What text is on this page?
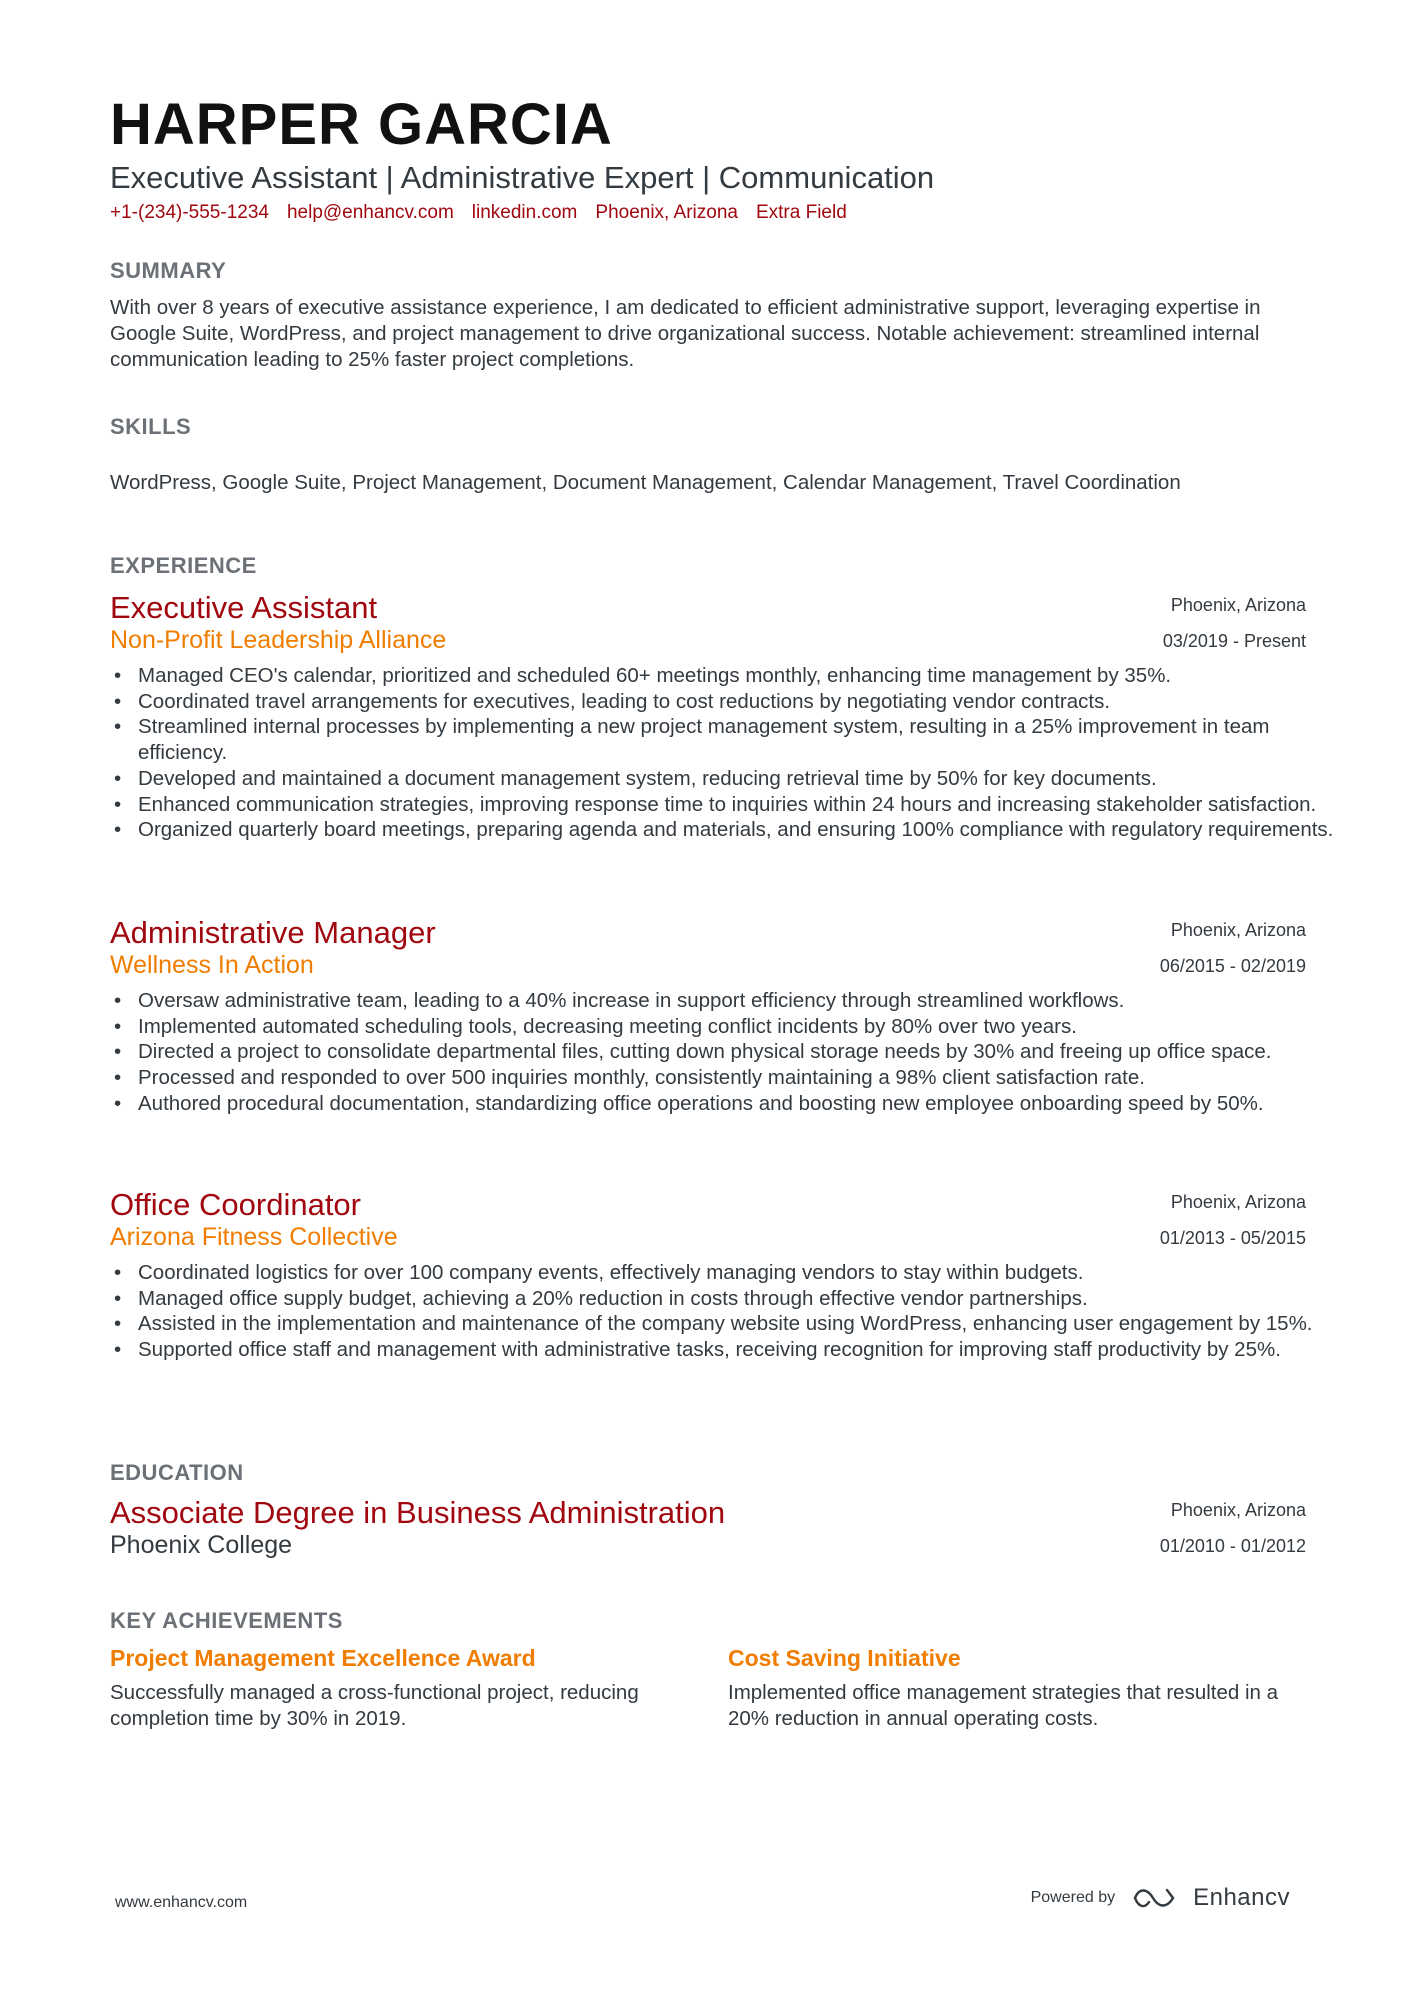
HARPER GARCIA
Executive Assistant | Administrative Expert | Communication
+1-(234)-555-1234 help@enhancv.com linkedin.com Phoenix, Arizona Extra Field
SUMMARY
With over 8 years of executive assistance experience, I am dedicated to efficient administrative support, leveraging expertise in Google Suite, WordPress, and project management to drive organizational success. Notable achievement: streamlined internal communication leading to 25% faster project completions.
SKILLS
WordPress, Google Suite, Project Management, Document Management, Calendar Management, Travel Coordination
EXPERIENCE
Executive Assistant
Non-Profit Leadership Alliance
Phoenix, Arizona
03/2019 - Present
• Managed CEO's calendar, prioritized and scheduled 60+ meetings monthly, enhancing time management by 35%.
• Coordinated travel arrangements for executives, leading to cost reductions by negotiating vendor contracts.
• Streamlined internal processes by implementing a new project management system, resulting in a 25% improvement in team efficiency.
• Developed and maintained a document management system, reducing retrieval time by 50% for key documents.
• Enhanced communication strategies, improving response time to inquiries within 24 hours and increasing stakeholder satisfaction.
• Organized quarterly board meetings, preparing agenda and materials, and ensuring 100% compliance with regulatory requirements.
Administrative Manager
Wellness In Action
Phoenix, Arizona
06/2015 - 02/2019
• Oversaw administrative team, leading to a 40% increase in support efficiency through streamlined workflows.
• Implemented automated scheduling tools, decreasing meeting conflict incidents by 80% over two years.
• Directed a project to consolidate departmental files, cutting down physical storage needs by 30% and freeing up office space.
• Processed and responded to over 500 inquiries monthly, consistently maintaining a 98% client satisfaction rate.
• Authored procedural documentation, standardizing office operations and boosting new employee onboarding speed by 50%.
Office Coordinator
Arizona Fitness Collective
Phoenix, Arizona
01/2013 - 05/2015
• Coordinated logistics for over 100 company events, effectively managing vendors to stay within budgets.
• Managed office supply budget, achieving a 20% reduction in costs through effective vendor partnerships.
• Assisted in the implementation and maintenance of the company website using WordPress, enhancing user engagement by 15%.
• Supported office staff and management with administrative tasks, receiving recognition for improving staff productivity by 25%.
EDUCATION
Associate Degree in Business Administration
Phoenix College
Phoenix, Arizona
01/2010 - 01/2012
KEY ACHIEVEMENTS
Project Management Excellence Award
Successfully managed a cross-functional project, reducing completion time by 30% in 2019.
Cost Saving Initiative
Implemented office management strategies that resulted in a 20% reduction in annual operating costs.
www.enhancv.com	Powered by	Enhancv
